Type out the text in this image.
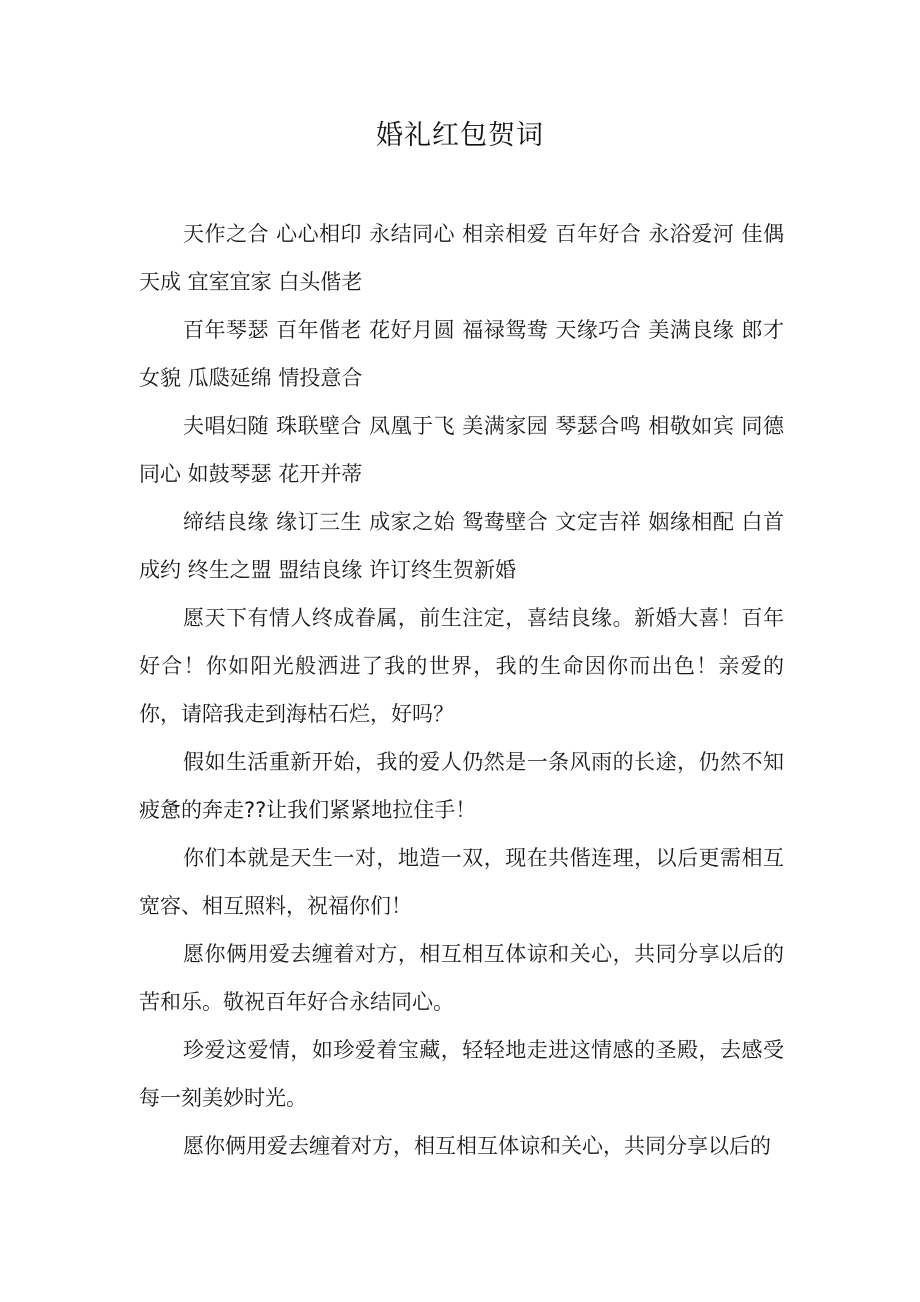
婚礼红包贺词

天作之合 心心相印 永结同心 相亲相爱 百年好合 永浴爱河 佳偶天成 宜室宜家 白头偕老

百年琴瑟 百年偕老 花好月圆 福禄鸳鸯 天缘巧合 美满良缘 郎才女貌 瓜瓞延绵 情投意合

夫唱妇随 珠联壁合 凤凰于飞 美满家园 琴瑟合鸣 相敬如宾 同德同心 如鼓琴瑟 花开并蒂

缔结良缘 缘订三生 成家之始 鸳鸯壁合 文定吉祥 姻缘相配 白首成约 终生之盟 盟结良缘 许订终生贺新婚

愿天下有情人终成眷属，前生注定，喜结良缘。新婚大喜！百年好合！你如阳光般洒进了我的世界，我的生命因你而出色！亲爱的你，请陪我走到海枯石烂，好吗？

假如生活重新开始，我的爱人仍然是一条风雨的长途，仍然不知疲惫的奔走??让我们紧紧地拉住手！

你们本就是天生一对，地造一双，现在共偕连理，以后更需相互宽容、相互照料，祝福你们！

愿你俩用爱去缠着对方，相互相互体谅和关心，共同分享以后的苦和乐。敬祝百年好合永结同心。

珍爱这爱情，如珍爱着宝藏，轻轻地走进这情感的圣殿，去感受每一刻美妙时光。

愿你俩用爱去缠着对方，相互相互体谅和关心，共同分享以后的
